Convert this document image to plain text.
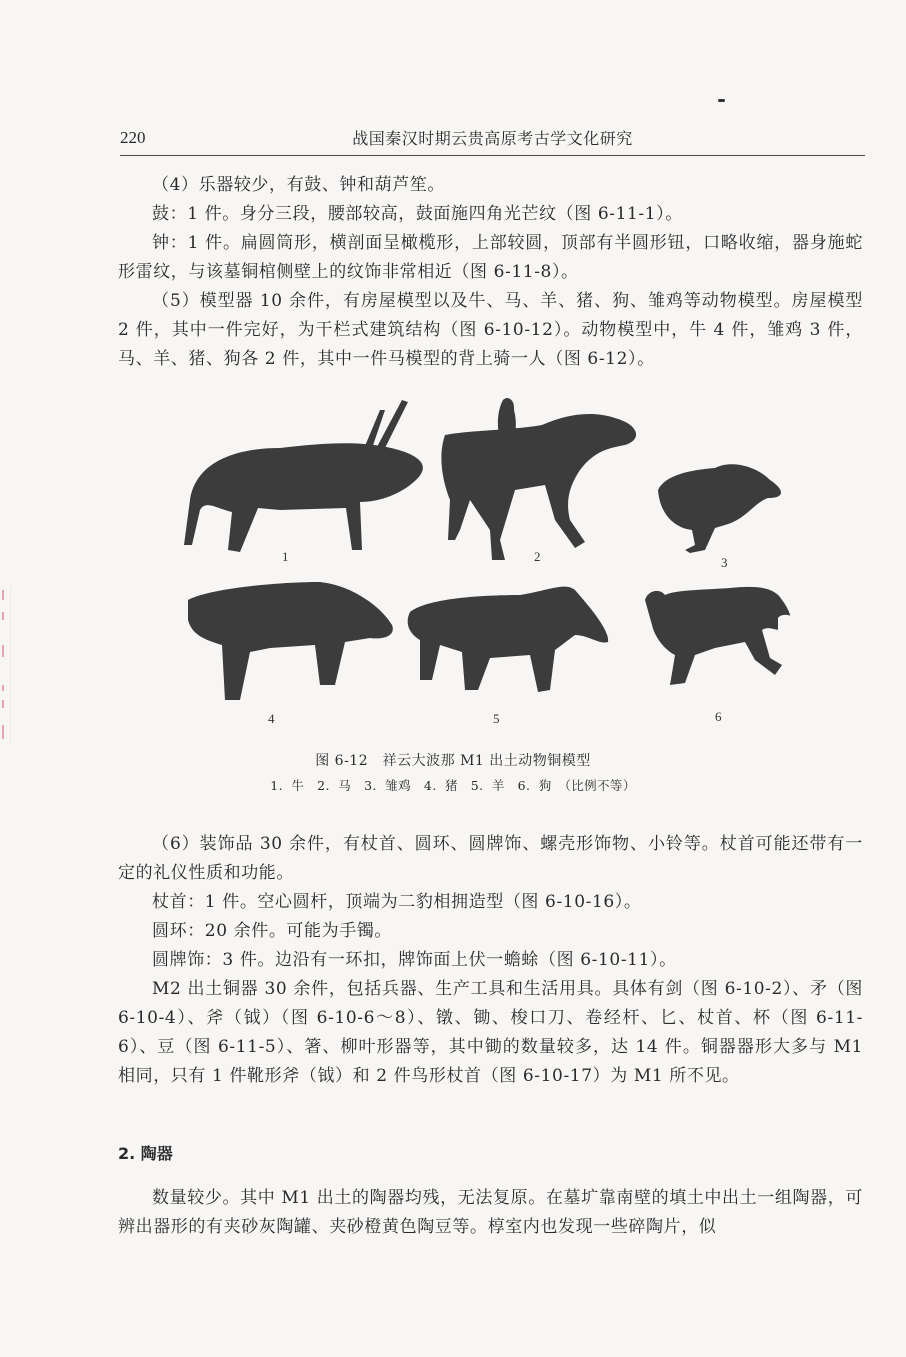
220	战国秦汉时期云贵高原考古学文化研究
（4）乐器较少，有鼓、钟和葫芦笙。
鼓：1 件。身分三段，腰部较高，鼓面施四角光芒纹（图 6-11-1）。
钟：1 件。扁圆筒形，横剖面呈橄榄形，上部较圆，顶部有半圆形钮，口略收缩，器身施蛇形雷纹，与该墓铜棺侧壁上的纹饰非常相近（图 6-11-8）。
（5）模型器 10 余件，有房屋模型以及牛、马、羊、猪、狗、雏鸡等动物模型。房屋模型 2 件，其中一件完好，为干栏式建筑结构（图 6-10-12）。动物模型中，牛 4 件，雏鸡 3 件，马、羊、猪、狗各 2 件，其中一件马模型的背上骑一人（图 6-12）。
1	2	3
4	5	6
图 6-12　祥云大波那 M1 出土动物铜模型
1. 牛　2. 马　3. 雏鸡　4. 猪　5. 羊　6. 狗　（比例不等）
（6）装饰品 30 余件，有杖首、圆环、圆牌饰、螺壳形饰物、小铃等。杖首可能还带有一定的礼仪性质和功能。
杖首：1 件。空心圆杆，顶端为二豹相拥造型（图 6-10-16）。
圆环：20 余件。可能为手镯。
圆牌饰：3 件。边沿有一环扣，牌饰面上伏一蟾蜍（图 6-10-11）。
M2 出土铜器 30 余件，包括兵器、生产工具和生活用具。具体有剑（图 6-10-2）、矛（图 6-10-4）、斧（钺）（图 6-10-6～8）、镦、锄、梭口刀、卷经杆、匕、杖首、杯（图 6-11-6）、豆（图 6-11-5）、箸、柳叶形器等，其中锄的数量较多，达 14 件。铜器器形大多与 M1 相同，只有 1 件靴形斧（钺）和 2 件鸟形杖首（图 6-10-17）为 M1 所不见。
2. 陶器
数量较少。其中 M1 出土的陶器均残，无法复原。在墓圹靠南壁的填土中出土一组陶器，可辨出器形的有夹砂灰陶罐、夹砂橙黄色陶豆等。椁室内也发现一些碎陶片，似
